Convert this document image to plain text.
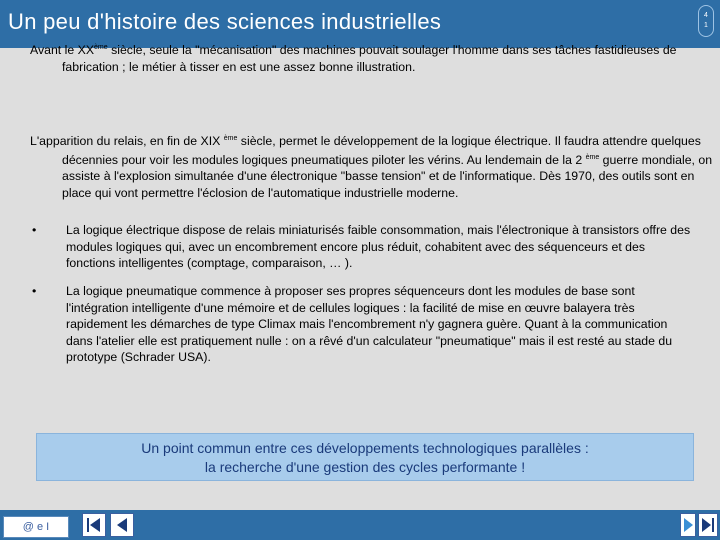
Un peu d'histoire des sciences industrielles	4
1
Avant le XXème siècle, seule la "mécanisation" des machines pouvait soulager l'homme dans ses tâches fastidieuses de fabrication ; le métier à tisser en est une assez bonne illustration.
L'apparition du relais, en fin de XIX $^{ème}$ siècle, permet le développement de la logique électrique. Il faudra attendre quelques décennies pour voir les modules logiques pneumatiques piloter les vérins. Au lendemain de la 2 $^{ème}$ guerre mondiale, on assiste à l'explosion simultanée d'une électronique "basse tension" et de l'informatique. Dès 1970, des outils sont en place qui vont permettre l'éclosion de l'automatique industrielle moderne.
• La logique électrique dispose de relais miniaturisés faible consommation, mais l'électronique à transistors offre des modules logiques qui, avec un encombrement encore plus réduit, cohabitent avec des séquenceurs et des fonctions intelligentes (comptage, comparaison, … ).
• La logique pneumatique commence à proposer ses propres séquenceurs dont les modules de base sont l'intégration intelligente d'une mémoire et de cellules logiques : la facilité de mise en œuvre balayera très rapidement les démarches de type Climax mais l'encombrement n'y gagnera guère. Quant à la communication dans l'atelier elle est pratiquement nulle : on a rêvé d'un calculateur "pneumatique" mais il est resté au stade du prototype (Schrader USA).
Un point commun entre ces développements technologiques parallèles :
la recherche d'une gestion des cycles performante !
@ e I
